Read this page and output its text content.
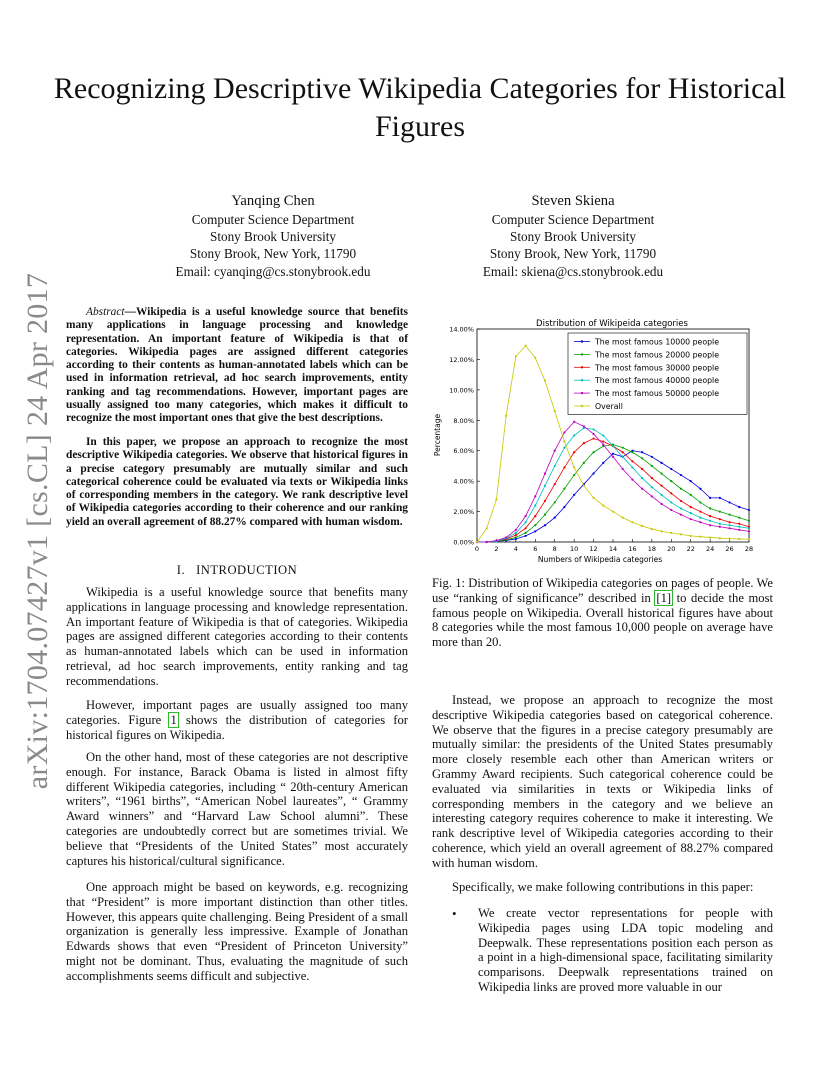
arXiv:1704.07427v1 [cs.CL] 24 Apr 2017
Recognizing Descriptive Wikipedia Categories for Historical Figures
Yanqing Chen
Computer Science Department
Stony Brook University
Stony Brook, New York, 11790
Email: cyanqing@cs.stonybrook.edu
Steven Skiena
Computer Science Department
Stony Brook University
Stony Brook, New York, 11790
Email: skiena@cs.stonybrook.edu

Abstract—Wikipedia is a useful knowledge source that benefits many applications in language processing and knowledge representation. An important feature of Wikipedia is that of categories. Wikipedia pages are assigned different categories according to their contents as human-annotated labels which can be used in information retrieval, ad hoc search improvements, entity ranking and tag recommendations. However, important pages are usually assigned too many categories, which makes it difficult to recognize the most important ones that give the best descriptions.

In this paper, we propose an approach to recognize the most descriptive Wikipedia categories. We observe that historical figures in a precise category presumably are mutually similar and such categorical coherence could be evaluated via texts or Wikipedia links of corresponding members in the category. We rank descriptive level of Wikipedia categories according to their coherence and our ranking yield an overall agreement of 88.27% compared with human wisdom.

I. INTRODUCTION

Wikipedia is a useful knowledge source that benefits many applications in language processing and knowledge representation. An important feature of Wikipedia is that of categories. Wikipedia pages are assigned different categories according to their contents as human-annotated labels which can be used in information retrieval, ad hoc search improvements, entity ranking and tag recommendations.

However, important pages are usually assigned too many categories. Figure 1 shows the distribution of categories for historical figures on Wikipedia.

On the other hand, most of these categories are not descriptive enough. For instance, Barack Obama is listed in almost fifty different Wikipedia categories, including “ 20th-century American writers”, “1961 births”, “American Nobel laureates”, “ Grammy Award winners” and “Harvard Law School alumni”. These categories are undoubtedly correct but are sometimes trivial. We believe that “Presidents of the United States” most accurately captures his historical/cultural significance.

One approach might be based on keywords, e.g. recognizing that “President” is more important distinction than other titles. However, this appears quite challenging. Being President of a small organization is generally less impressive. Example of Jonathan Edwards shows that even “President of Princeton University” might not be dominant. Thus, evaluating the magnitude of such accomplishments seems difficult and subjective.

Distribution of Wikipeida categories
0.00%
2.00%
4.00%
6.00%
8.00%
10.00%
12.00%
14.00%
0 2 4 6 8 10 12 14 16 18 20 22 24 26 28
The most famous 10000 people
The most famous 20000 people
The most famous 30000 people
The most famous 40000 people
The most famous 50000 people
Overall
Numbers of Wikipedia categories
Percentage

Fig. 1: Distribution of Wikipedia categories on pages of people. We use “ranking of significance” described in [1] to decide the most famous people on Wikipedia. Overall historical figures have about 8 categories while the most famous 10,000 people on average have more than 20.

Instead, we propose an approach to recognize the most descriptive Wikipedia categories based on categorical coherence. We observe that the figures in a precise category presumably are mutually similar: the presidents of the United States presumably more closely resemble each other than American writers or Grammy Award recipients. Such categorical coherence could be evaluated via similarities in texts or Wikipedia links of corresponding members in the category and we believe an interesting category requires coherence to make it interesting. We rank descriptive level of Wikipedia categories according to their coherence, which yield an overall agreement of 88.27% compared with human wisdom.

Specifically, we make following contributions in this paper:

• We create vector representations for people with Wikipedia pages using LDA topic modeling and Deepwalk. These representations position each person as a point in a high-dimensional space, facilitating similarity comparisons. Deepwalk representations trained on Wikipedia links are proved more valuable in our
